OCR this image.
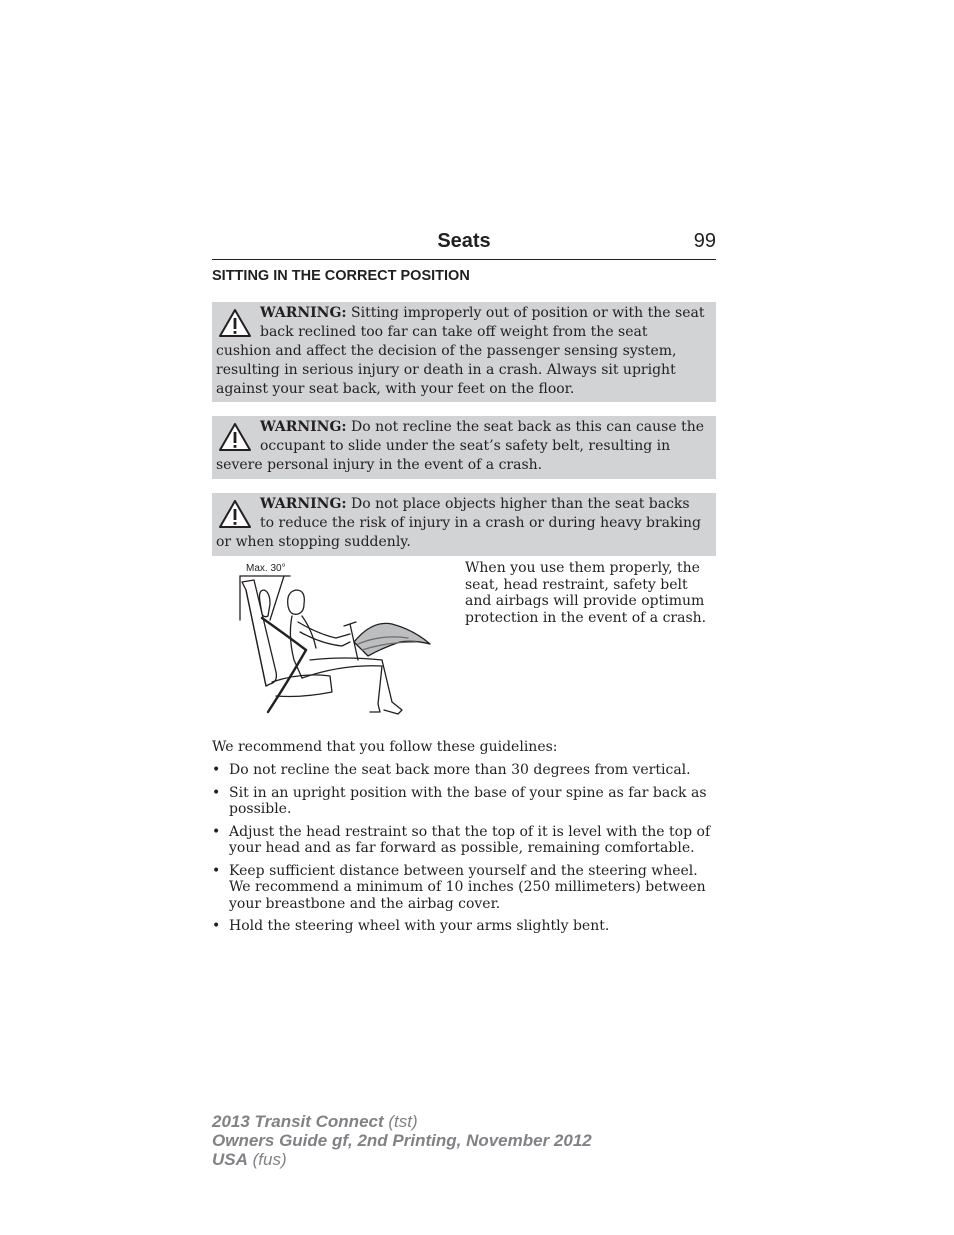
Seats	99
SITTING IN THE CORRECT POSITION
WARNING: Sitting improperly out of position or with the seat back reclined too far can take off weight from the seat cushion and affect the decision of the passenger sensing system, resulting in serious injury or death in a crash. Always sit upright against your seat back, with your feet on the floor.
WARNING: Do not recline the seat back as this can cause the occupant to slide under the seat’s safety belt, resulting in severe personal injury in the event of a crash.
WARNING: Do not place objects higher than the seat backs to reduce the risk of injury in a crash or during heavy braking or when stopping suddenly.
Max. 30°	When you use them properly, the seat, head restraint, safety belt and airbags will provide optimum protection in the event of a crash.
We recommend that you follow these guidelines:
• Do not recline the seat back more than 30 degrees from vertical.
• Sit in an upright position with the base of your spine as far back as possible.
• Adjust the head restraint so that the top of it is level with the top of your head and as far forward as possible, remaining comfortable.
• Keep sufficient distance between yourself and the steering wheel. We recommend a minimum of 10 inches (250 millimeters) between your breastbone and the airbag cover.
• Hold the steering wheel with your arms slightly bent.
2013 Transit Connect (tst)
Owners Guide gf, 2nd Printing, November 2012
USA (fus)
